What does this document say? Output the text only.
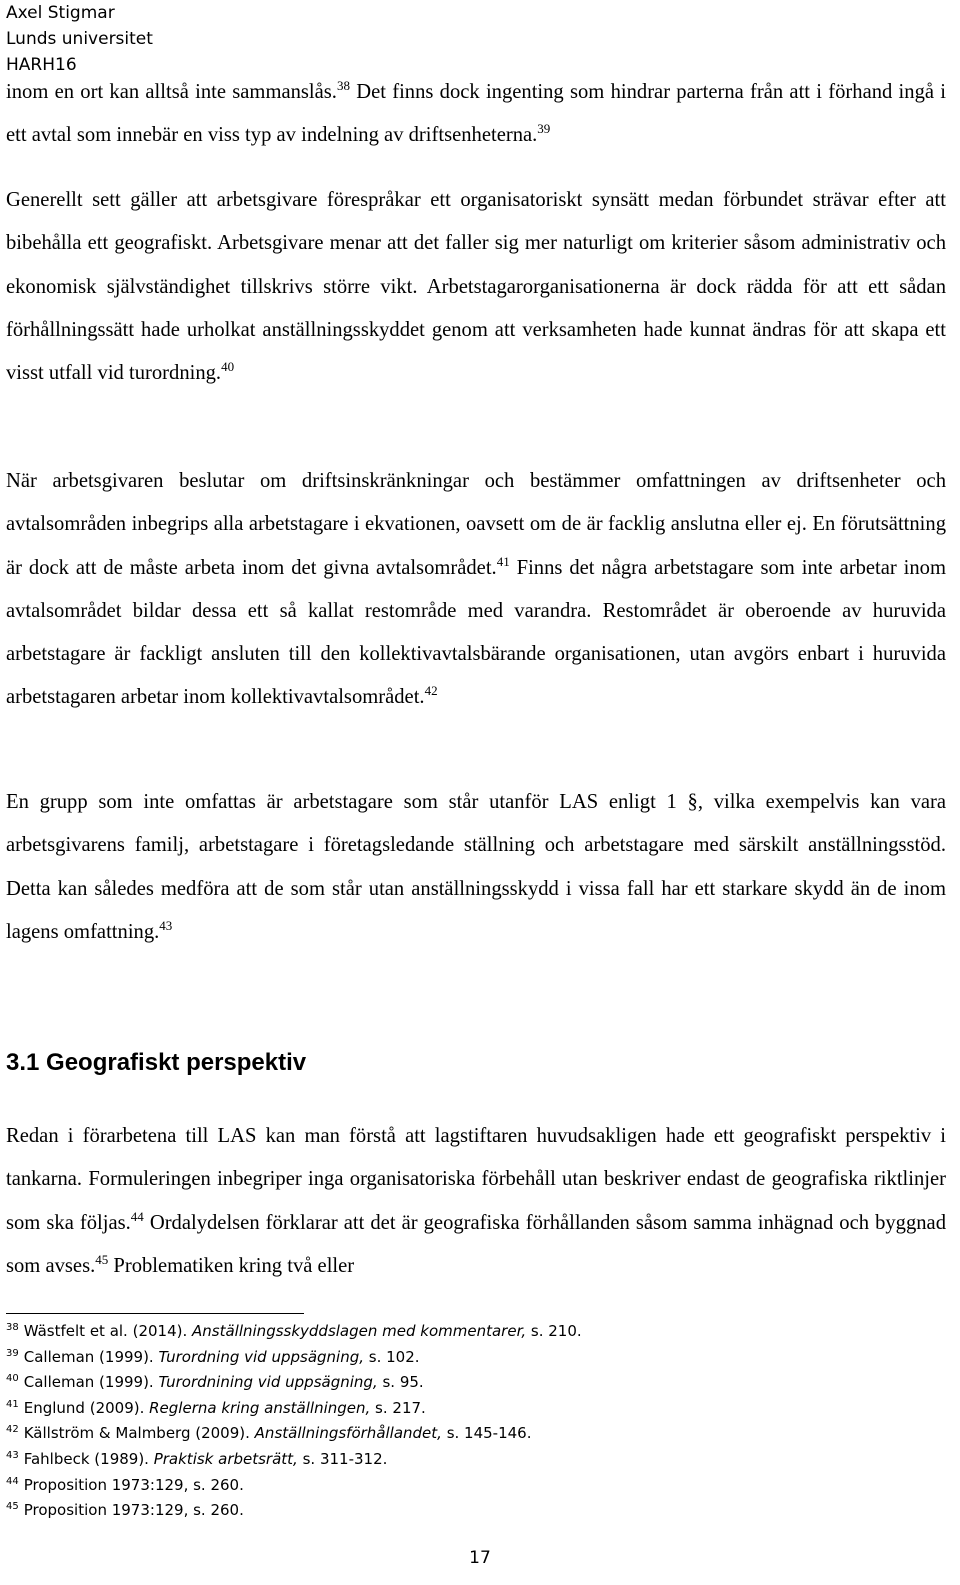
Axel Stigmar
Lunds universitet
HARH16

inom en ort kan alltså inte sammanslås.$^{38}$ Det finns dock ingenting som hindrar parterna från att i förhand ingå i ett avtal som innebär en viss typ av indelning av driftsenheterna.$^{39}$

Generellt sett gäller att arbetsgivare förespråkar ett organisatoriskt synsätt medan förbundet strävar efter att bibehålla ett geografiskt. Arbetsgivare menar att det faller sig mer naturligt om kriterier såsom administrativ och ekonomisk självständighet tillskrivs större vikt. Arbetstagarorganisationerna är dock rädda för att ett sådan förhållningssätt hade urholkat anställningsskyddet genom att verksamheten hade kunnat ändras för att skapa ett visst utfall vid turordning.$^{40}$

När arbetsgivaren beslutar om driftsinskränkningar och bestämmer omfattningen av driftsenheter och avtalsområden inbegrips alla arbetstagare i ekvationen, oavsett om de är facklig anslutna eller ej. En förutsättning är dock att de måste arbeta inom det givna avtalsområdet.$^{41}$ Finns det några arbetstagare som inte arbetar inom avtalsområdet bildar dessa ett så kallat restområde med varandra. Restområdet är oberoende av huruvida arbetstagare är fackligt ansluten till den kollektivavtalsbärande organisationen, utan avgörs enbart i huruvida arbetstagaren arbetar inom kollektivavtalsområdet.$^{42}$

En grupp som inte omfattas är arbetstagare som står utanför LAS enligt 1 §, vilka exempelvis kan vara arbetsgivarens familj, arbetstagare i företagsledande ställning och arbetstagare med särskilt anställningsstöd. Detta kan således medföra att de som står utan anställningsskydd i vissa fall har ett starkare skydd än de inom lagens omfattning.$^{43}$

3.1 Geografiskt perspektiv

Redan i förarbetena till LAS kan man förstå att lagstiftaren huvudsakligen hade ett geografiskt perspektiv i tankarna. Formuleringen inbegriper inga organisatoriska förbehåll utan beskriver endast de geografiska riktlinjer som ska följas.$^{44}$ Ordalydelsen förklarar att det är geografiska förhållanden såsom samma inhägnad och byggnad som avses.$^{45}$ Problematiken kring två eller

$^{38}$ Wästfelt et al. (2014). Anställningsskyddslagen med kommentarer, s. 210.
$^{39}$ Calleman (1999). Turordning vid uppsägning, s. 102.
$^{40}$ Calleman (1999). Turordnining vid uppsägning, s. 95.
$^{41}$ Englund (2009). Reglerna kring anställningen, s. 217.
$^{42}$ Källström & Malmberg (2009). Anställningsförhållandet, s. 145-146.
$^{43}$ Fahlbeck (1989). Praktisk arbetsrätt, s. 311-312.
$^{44}$ Proposition 1973:129, s. 260.
$^{45}$ Proposition 1973:129, s. 260.
17
